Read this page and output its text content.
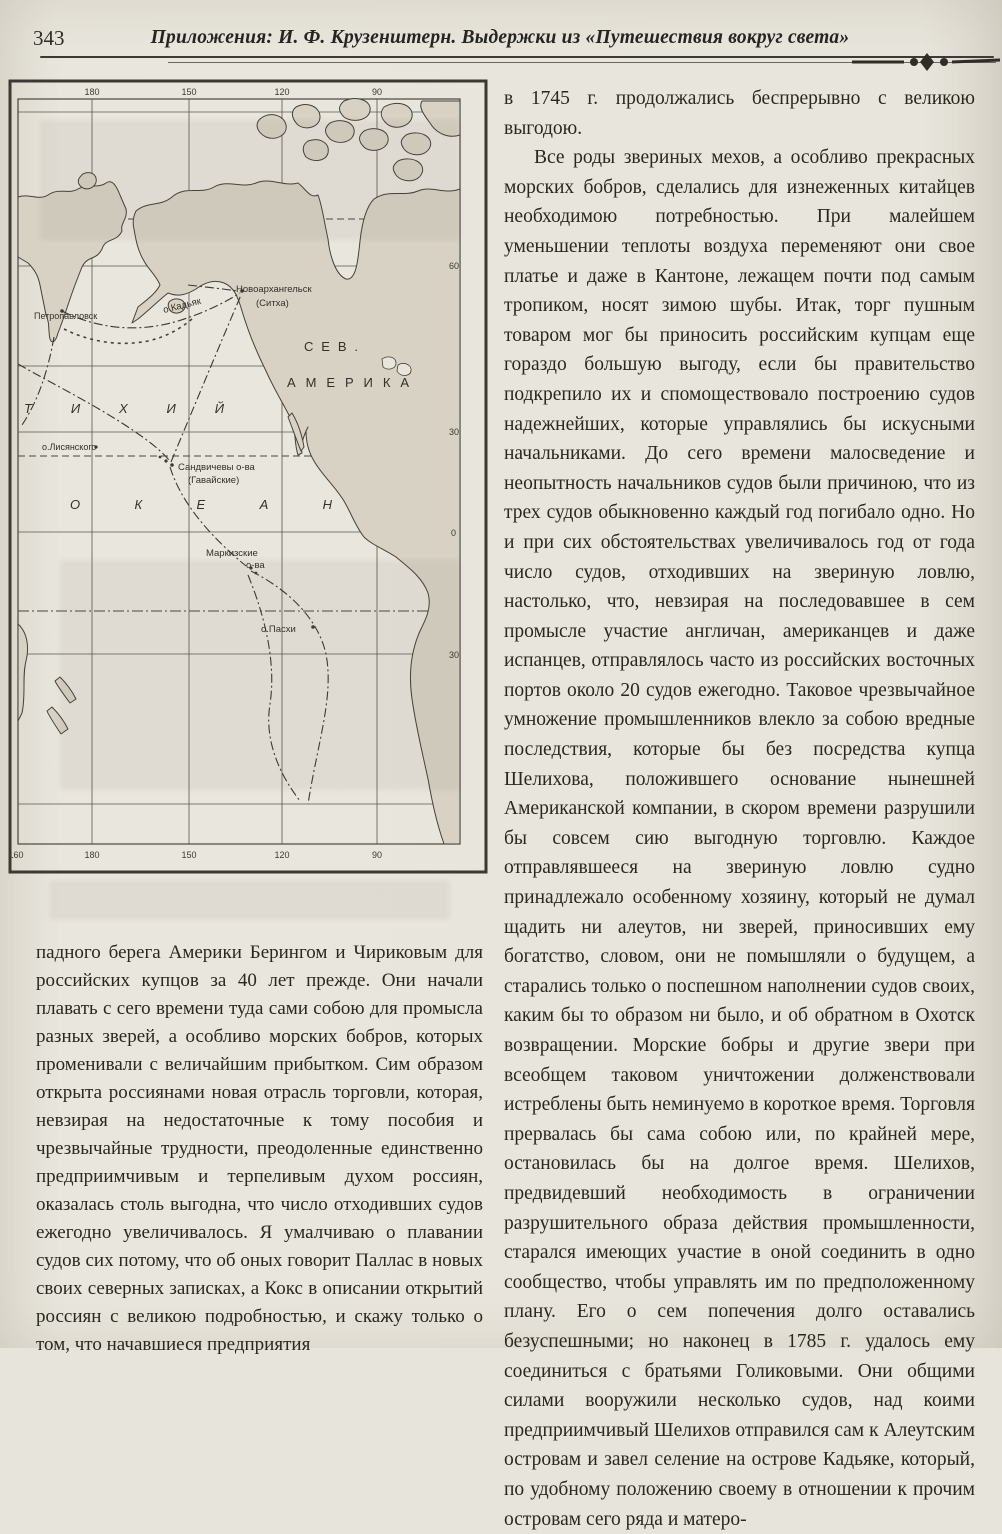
343	Приложения: И. Ф. Крузенштерн. Выдержки из «Путешествия вокруг света»
180	150	120	90
160	180	150	120	90
60
30
0
30
Петропавловск
о.Кадьяк
Новоархангельск
(Ситха)
СЕВ.
АМЕРИКА
ТИХИЙ
ОКЕАН
о.Лисянского
Сандвичевы о-ва
(Гавайские)
Маркизские
о-ва
о.Пасхи

падного берега Америки Берингом и Чириковым для российских купцов за 40 лет прежде. Они начали плавать с сего времени туда сами собою для промысла разных зверей, а особливо морских бобров, которых променивали с величайшим прибытком. Сим образом открыта россиянами новая отрасль торговли, которая, невзирая на недостаточные к тому пособия и чрезвычайные трудности, преодоленные единственно предприимчивым и терпеливым духом россиян, оказалась столь выгодна, что число отходивших судов ежегодно увеличивалось. Я умалчиваю о плавании судов сих потому, что об оных говорит Паллас в новых своих северных записках, а Кокс в описании открытий россиян с великою подробностью, и скажу только о том, что начавшиеся предприятия

в 1745 г. продолжались беспрерывно с великою выгодою.

Все роды звериных мехов, а особливо прекрасных морских бобров, сделались для изнеженных китайцев необходимою потребностью. При малейшем уменьшении теплоты воздуха переменяют они свое платье и даже в Кантоне, лежащем почти под самым тропиком, носят зимою шубы. Итак, торг пушным товаром мог бы приносить российским купцам еще гораздо большую выгоду, если бы правительство подкрепило их и спомоществовало построению судов надежнейших, которые управлялись бы искусными начальниками. До сего времени малосведение и неопытность начальников судов были причиною, что из трех судов обыкновенно каждый год погибало одно. Но и при сих обстоятельствах увеличивалось год от года число судов, отходивших на звериную ловлю, настолько, что, невзирая на последовавшее в сем промысле участие англичан, американцев и даже испанцев, отправлялось часто из российских восточных портов около 20 судов ежегодно. Таковое чрезвычайное умножение промышленников влекло за собою вредные последствия, которые бы без посредства купца Шелихова, положившего основание нынешней Американской компании, в скором времени разрушили бы совсем сию выгодную торговлю. Каждое отправлявшееся на звериную ловлю судно принадлежало особенному хозяину, который не думал щадить ни алеутов, ни зверей, приносивших ему богатство, словом, они не помышляли о будущем, а старались только о поспешном наполнении судов своих, каким бы то образом ни было, и об обратном в Охотск возвращении. Морские бобры и другие звери при всеобщем таковом уничтожении долженствовали истреблены быть неминуемо в короткое время. Торговля прервалась бы сама собою или, по крайней мере, остановилась бы на долгое время. Шелихов, предвидевший необходимость в ограничении разрушительного образа действия промышленности, старался имеющих участие в оной соединить в одно сообщество, чтобы управлять им по предположенному плану. Его о сем попечения долго оставались безуспешными; но наконец в 1785 г. удалось ему соединиться с братьями Голиковыми. Они общими силами вооружили несколько судов, над коими предприимчивый Шелихов отправился сам к Алеутским островам и завел селение на острове Кадьяке, который, по удобному положению своему в отношении к прочим островам сего ряда и матеро-
